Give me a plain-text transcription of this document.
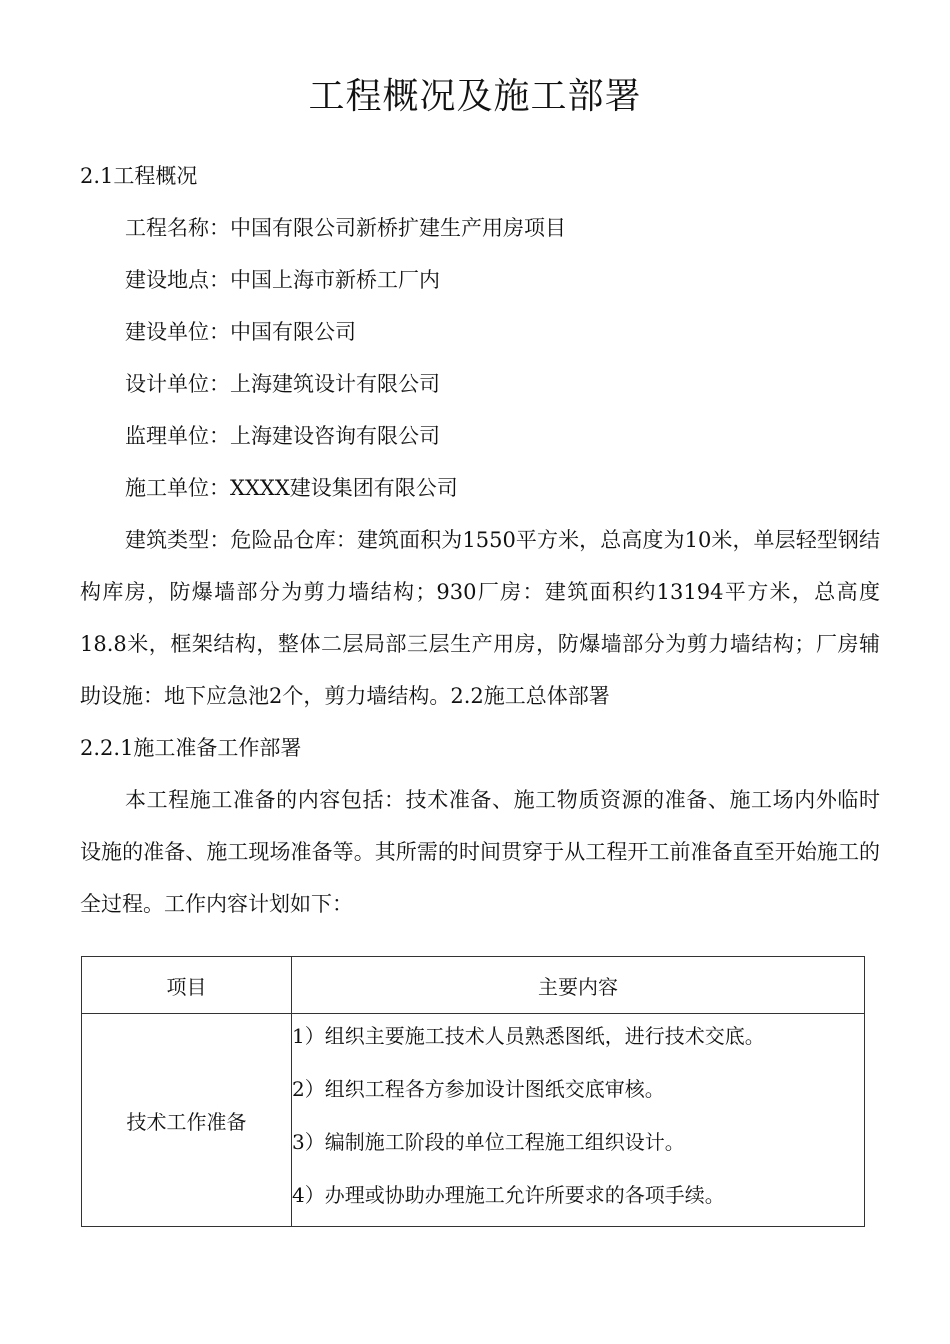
工程概况及施工部署

2.1工程概况

工程名称：中国有限公司新桥扩建生产用房项目

建设地点：中国上海市新桥工厂内

建设单位：中国有限公司

设计单位：上海建筑设计有限公司

监理单位：上海建设咨询有限公司

施工单位：XXXX建设集团有限公司

建筑类型：危险品仓库：建筑面积为1550平方米，总高度为10米，单层轻型钢结构库房，防爆墙部分为剪力墙结构；930厂房：建筑面积约13194平方米，总高度18.8米，框架结构，整体二层局部三层生产用房，防爆墙部分为剪力墙结构；厂房辅助设施：地下应急池2个，剪力墙结构。2.2施工总体部署

2.2.1施工准备工作部署

本工程施工准备的内容包括：技术准备、施工物质资源的准备、施工场内外临时设施的准备、施工现场准备等。其所需的时间贯穿于从工程开工前准备直至开始施工的全过程。工作内容计划如下：

项目	主要内容
技术工作准备	1）组织主要施工技术人员熟悉图纸，进行技术交底。
2）组织工程各方参加设计图纸交底审核。
3）编制施工阶段的单位工程施工组织设计。
4）办理或协助办理施工允许所要求的各项手续。
